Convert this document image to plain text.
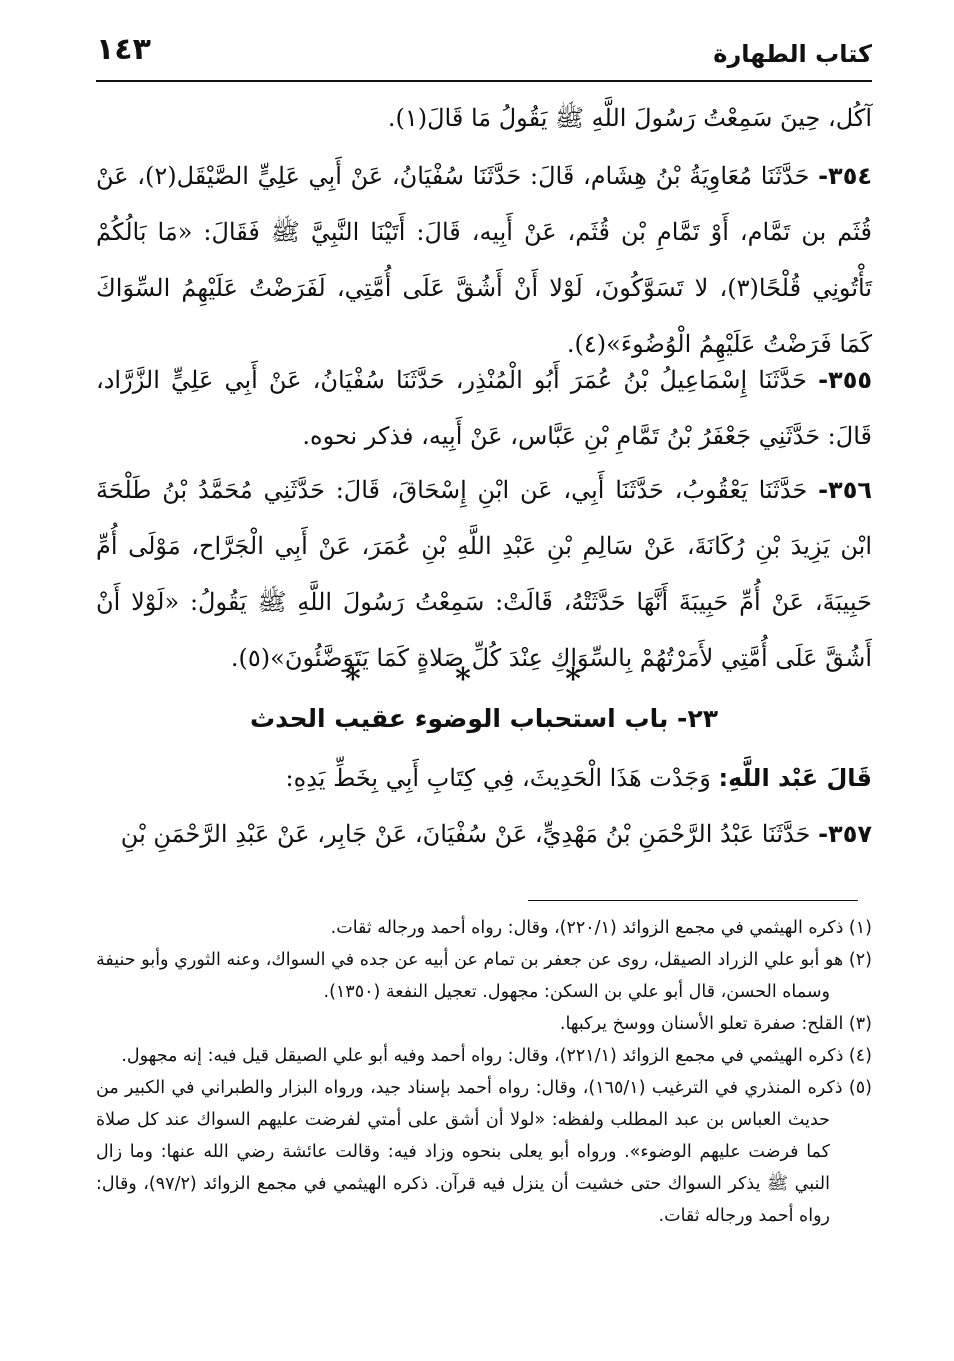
كتاب الطهارة
١٤٣

آكُل، حِينَ سَمِعْتُ رَسُولَ اللَّهِ ﷺ يَقُولُ مَا قَالَ(١).

٣٥٤- حَدَّثَنَا مُعَاوِيَةُ بْنُ هِشَام، قَالَ: حَدَّثَنَا سُفْيَانُ، عَنْ أَبِي عَلِيٍّ الصَّيْقَل(٢)، عَنْ قُثَم بن تَمَّام، أَوْ تَمَّامِ بْن قُثَم، عَنْ أَبِيه، قَالَ: أَتَيْنَا النَّبِيَّ ﷺ فَقَالَ: «مَا بَالُكُمْ تَأْتُونِي قُلْحًا(٣)، لا تَسَوَّكُونَ، لَوْلا أَنْ أَشُقَّ عَلَى أُمَّتِي، لَفَرَضْتُ عَلَيْهِمُ السِّوَاكَ كَمَا فَرَضْتُ عَلَيْهِمُ الْوُضُوءَ»(٤).

٣٥٥- حَدَّثَنَا إِسْمَاعِيلُ بْنُ عُمَرَ أَبُو الْمُنْذِر، حَدَّثَنَا سُفْيَانُ، عَنْ أَبِي عَلِيٍّ الزَّرَّاد، قَالَ: حَدَّثَنِي جَعْفَرُ بْنُ تَمَّامِ بْنِ عَبَّاس، عَنْ أَبِيه، فذكر نحوه.

٣٥٦- حَدَّثَنَا يَعْقُوبُ، حَدَّثَنَا أَبِي، عَن ابْنِ إِسْحَاقَ، قَالَ: حَدَّثَنِي مُحَمَّدُ بْنُ طَلْحَةَ ابْن يَزِيدَ بْنِ رُكَانَةَ، عَنْ سَالِمِ بْنِ عَبْدِ اللَّهِ بْنِ عُمَرَ، عَنْ أَبِي الْجَرَّاح، مَوْلَى أُمِّ حَبِيبَةَ، عَنْ أُمِّ حَبِيبَةَ أَنَّهَا حَدَّثَتْهُ، قَالَتْ: سَمِعْتُ رَسُولَ اللَّهِ ﷺ يَقُولُ: «لَوْلا أَنْ أَشُقَّ عَلَى أُمَّتِي لأَمَرْتُهُمْ بِالسِّوَاكِ عِنْدَ كُلِّ صَلاةٍ كَمَا يَتَوَضَّئُونَ»(٥).

* * *
٢٣- باب استحباب الوضوء عقيب الحدث

قَالَ عَبْد اللَّهِ: وَجَدْت هَذَا الْحَدِيثَ، فِي كِتَابِ أَبِي بِخَطِّ يَدِهِ:

٣٥٧- حَدَّثَنَا عَبْدُ الرَّحْمَنِ بْنُ مَهْدِيٍّ، عَنْ سُفْيَانَ، عَنْ جَابِر، عَنْ عَبْدِ الرَّحْمَنِ بْنِ

(١) ذكره الهيثمي في مجمع الزوائد (٢٢٠/١)، وقال: رواه أحمد ورجاله ثقات.

(٢) هو أبو علي الزراد الصيقل، روى عن جعفر بن تمام عن أبيه عن جده في السواك، وعنه الثوري وأبو حنيفة وسماه الحسن، قال أبو علي بن السكن: مجهول. تعجيل النفعة (١٣٥٠).

(٣) القلح: صفرة تعلو الأسنان ووسخ يركبها.

(٤) ذكره الهيثمي في مجمع الزوائد (٢٢١/١)، وقال: رواه أحمد وفيه أبو علي الصيقل قيل فيه: إنه مجهول.

(٥) ذكره المنذري في الترغيب (١٦٥/١)، وقال: رواه أحمد بإسناد جيد، ورواه البزار والطبراني في الكبير من حديث العباس بن عبد المطلب ولفظه: «لولا أن أشق على أمتي لفرضت عليهم السواك عند كل صلاة كما فرضت عليهم الوضوء». ورواه أبو يعلى بنحوه وزاد فيه: وقالت عائشة رضي الله عنها: وما زال النبي ﷺ يذكر السواك حتى خشيت أن ينزل فيه قرآن. ذكره الهيثمي في مجمع الزوائد (٩٧/٢)، وقال: رواه أحمد ورجاله ثقات.
